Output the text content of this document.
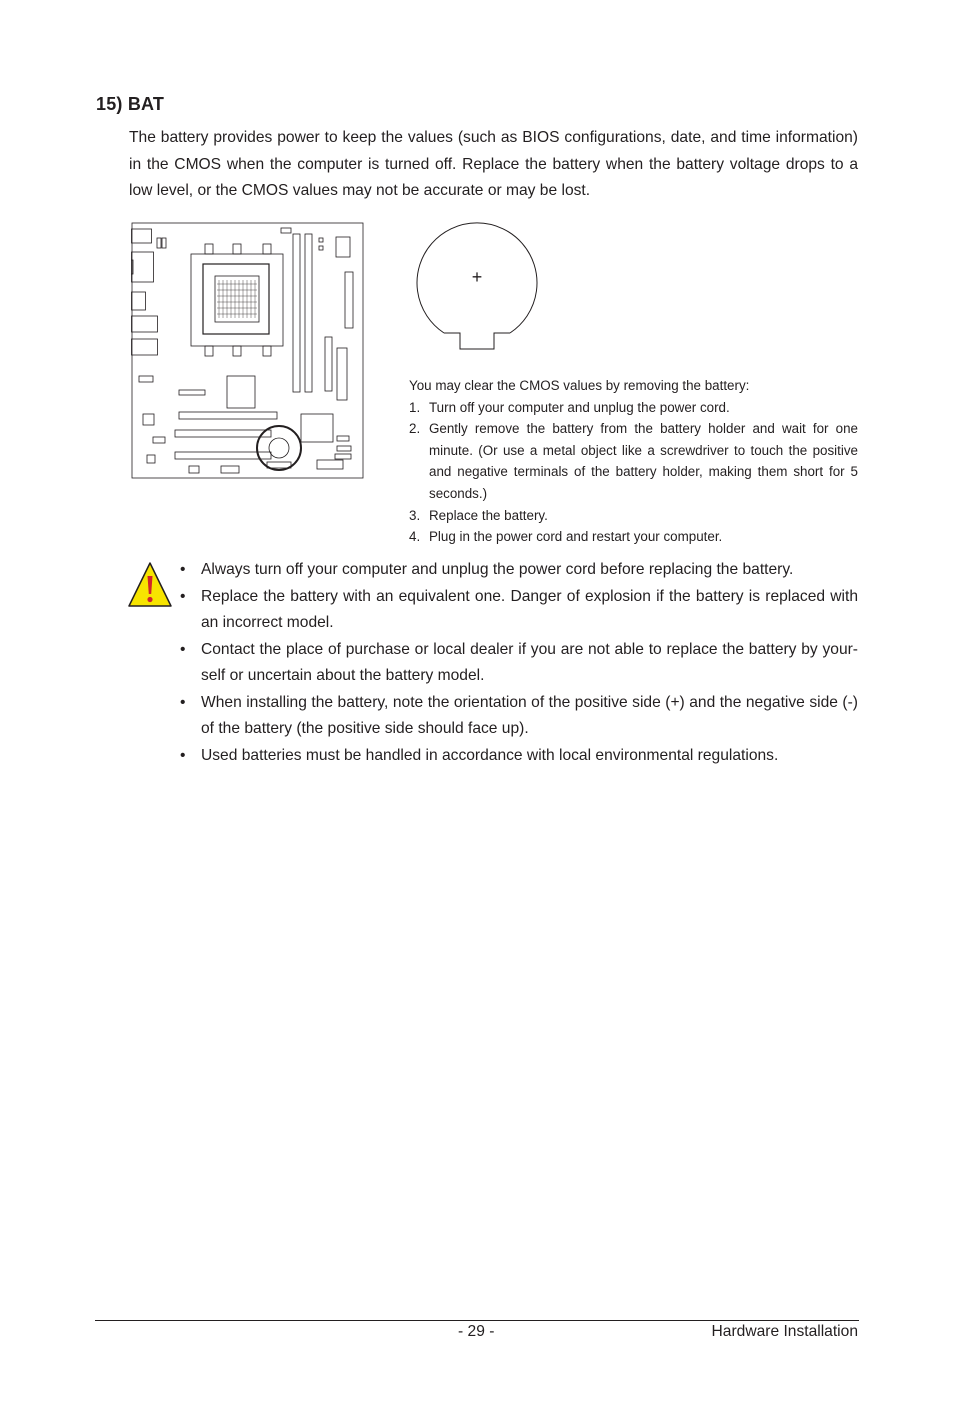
15) BAT

The battery provides power to keep the values (such as BIOS configurations, date, and time information) in the CMOS when the computer is turned off. Replace the battery when the battery voltage drops to a low level, or the CMOS values may not be accurate or may be lost.

+

You may clear the CMOS values by removing the battery:

1. Turn off your computer and unplug the power cord.
2. Gently remove the battery from the battery holder and wait for one minute. (Or use a metal object like a screwdriver to touch the positive and negative terminals of the battery holder, making them short for 5 seconds.)
3. Replace the battery.
4. Plug in the power cord and restart your computer.
• Always turn off your computer and unplug the power cord before replacing the battery.
• Replace the battery with an equivalent one. Danger of explosion if the battery is replaced with an incorrect model.
• Contact the place of purchase or local dealer if you are not able to replace the battery by your-self or uncertain about the battery model.
• When installing the battery, note the orientation of the positive side (+) and the negative side (-) of the battery (the positive side should face up).
• Used batteries must be handled in accordance with local environmental regulations.
- 29 -	Hardware Installation
